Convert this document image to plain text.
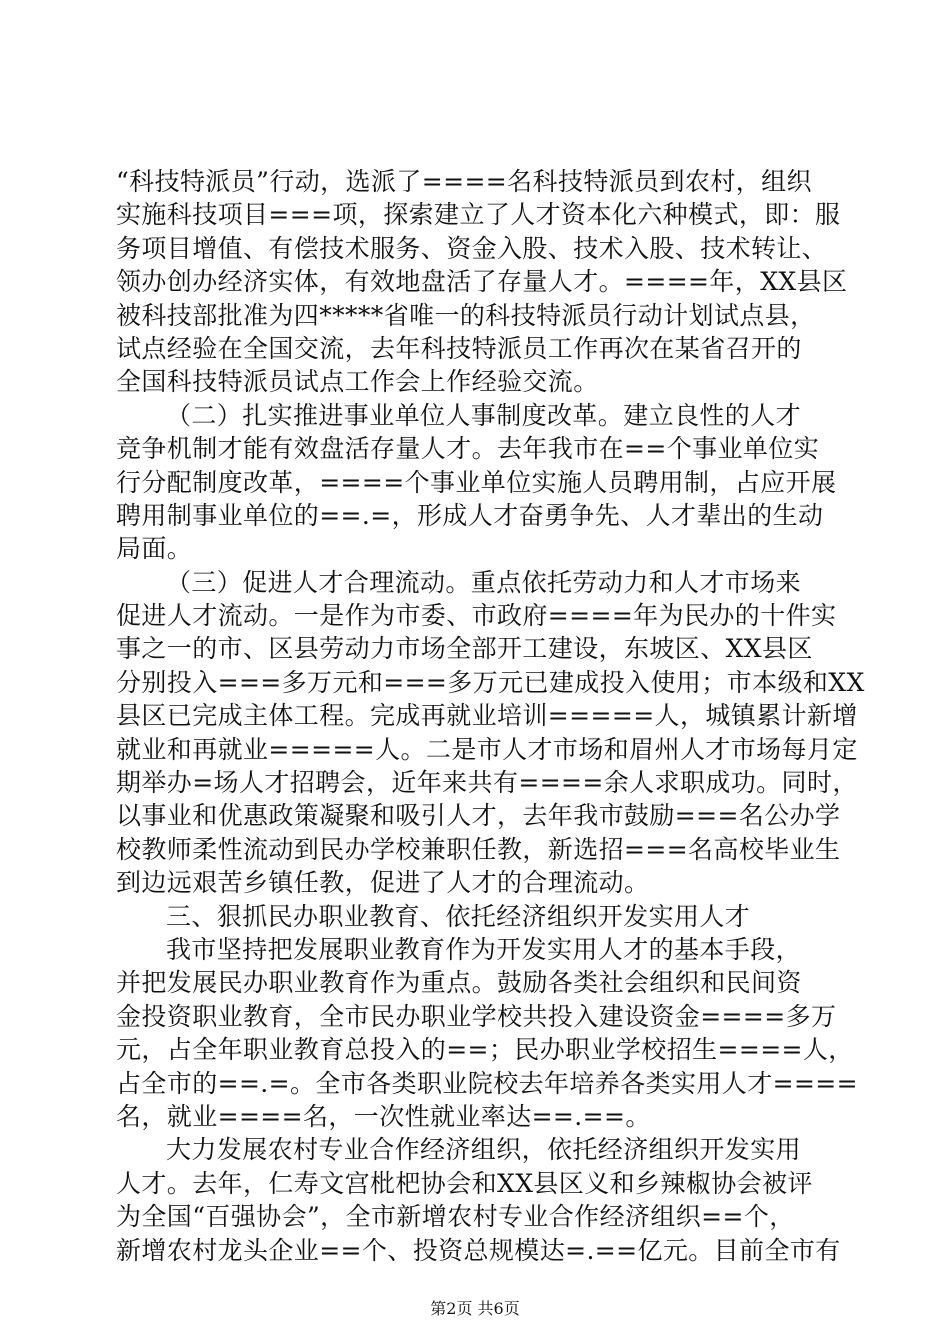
“科技特派员”行动，选派了====名科技特派员到农村，组织
实施科技项目===项，探索建立了人才资本化六种模式，即：服
务项目增值、有偿技术服务、资金入股、技术入股、技术转让、
领办创办经济实体，有效地盘活了存量人才。====年，XX县区
被科技部批准为四*****省唯一的科技特派员行动计划试点县，
试点经验在全国交流，去年科技特派员工作再次在某省召开的
全国科技特派员试点工作会上作经验交流。
（二）扎实推进事业单位人事制度改革。建立良性的人才
竞争机制才能有效盘活存量人才。去年我市在==个事业单位实
行分配制度改革，====个事业单位实施人员聘用制，占应开展
聘用制事业单位的==.=，形成人才奋勇争先、人才辈出的生动
局面。
（三）促进人才合理流动。重点依托劳动力和人才市场来
促进人才流动。一是作为市委、市政府====年为民办的十件实
事之一的市、区县劳动力市场全部开工建设，东坡区、XX县区
分别投入===多万元和===多万元已建成投入使用；市本级和XX
县区已完成主体工程。完成再就业培训=====人，城镇累计新增
就业和再就业=====人。二是市人才市场和眉州人才市场每月定
期举办=场人才招聘会，近年来共有====余人求职成功。同时，
以事业和优惠政策凝聚和吸引人才，去年我市鼓励===名公办学
校教师柔性流动到民办学校兼职任教，新选招===名高校毕业生
到边远艰苦乡镇任教，促进了人才的合理流动。
三、狠抓民办职业教育、依托经济组织开发实用人才
我市坚持把发展职业教育作为开发实用人才的基本手段，
并把发展民办职业教育作为重点。鼓励各类社会组织和民间资
金投资职业教育，全市民办职业学校共投入建设资金====多万
元，占全年职业教育总投入的==；民办职业学校招生====人，
占全市的==.=。全市各类职业院校去年培养各类实用人才====
名，就业====名，一次性就业率达==.==。
大力发展农村专业合作经济组织，依托经济组织开发实用
人才。去年，仁寿文宫枇杷协会和XX县区义和乡辣椒协会被评
为全国“百强协会”，全市新增农村专业合作经济组织==个，
新增农村龙头企业==个、投资总规模达=.==亿元。目前全市有
第2页 共6页
